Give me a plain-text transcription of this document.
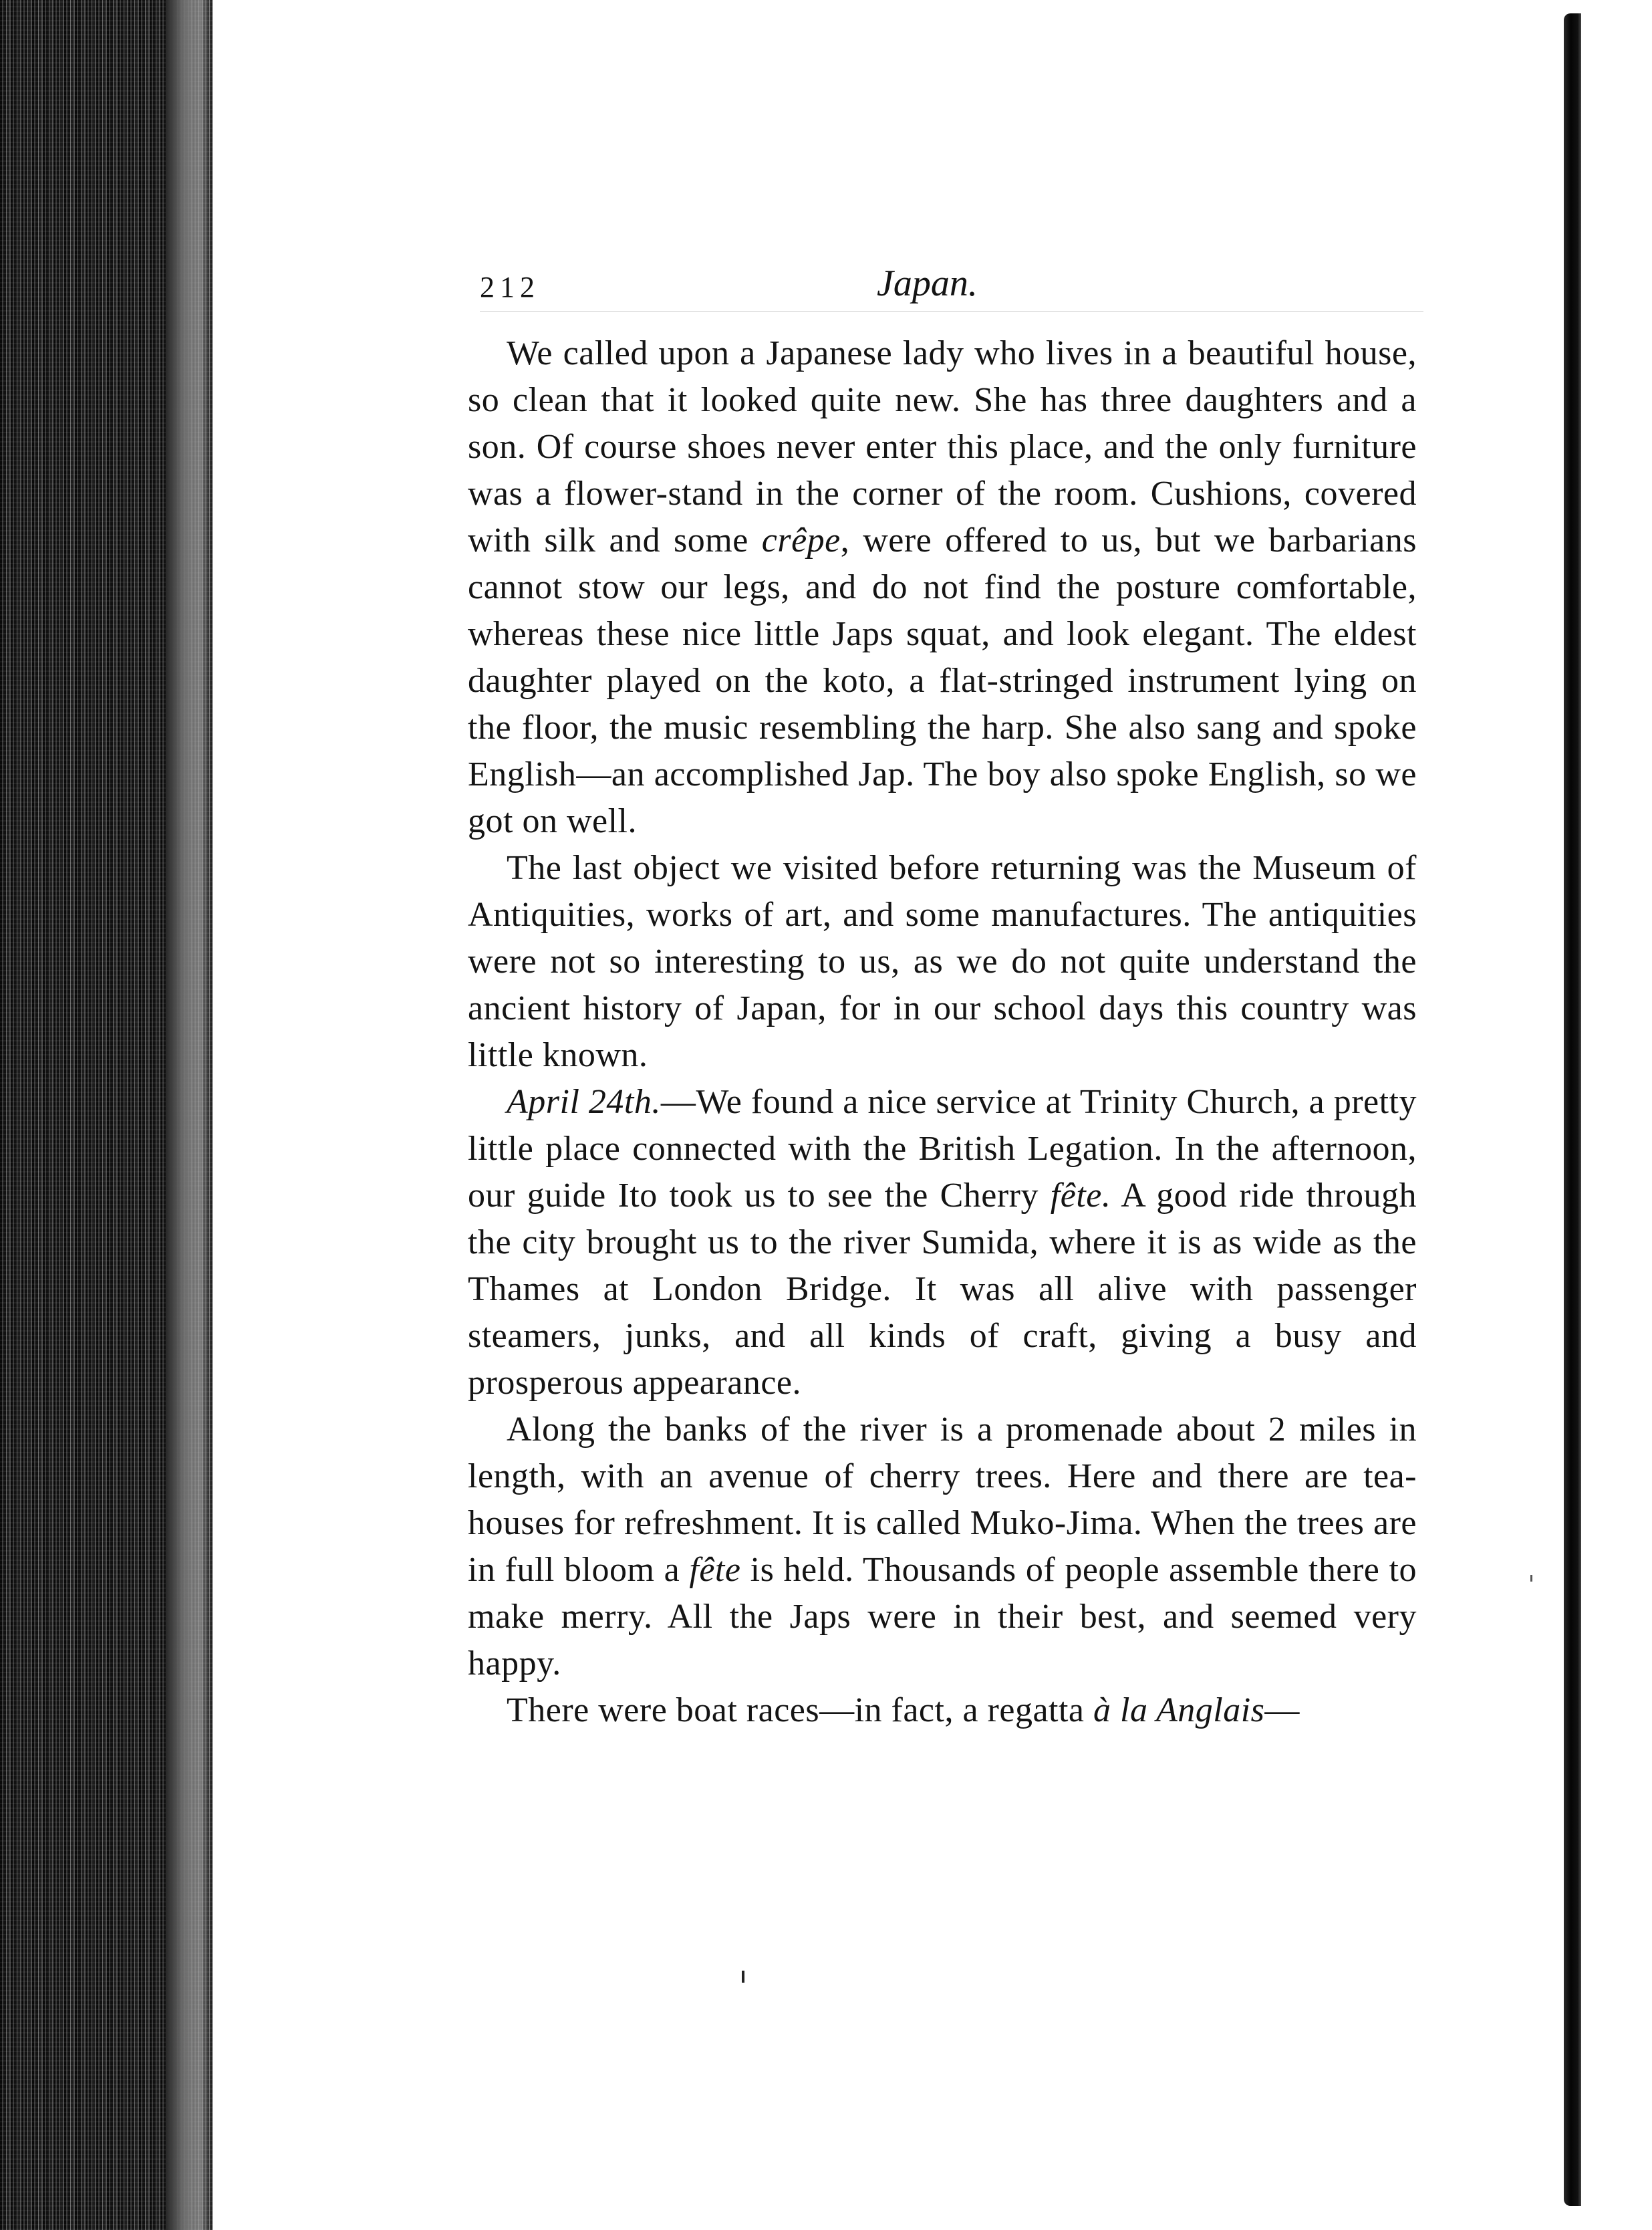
212	Japan.

We called upon a Japanese lady who lives in a beautiful house, so clean that it looked quite new. She has three daughters and a son. Of course shoes never enter this place, and the only furniture was a flower-stand in the corner of the room. Cushions, covered with silk and some crêpe, were offered to us, but we barbarians cannot stow our legs, and do not find the posture comfortable, whereas these nice little Japs squat, and look elegant. The eldest daughter played on the koto, a flat-stringed instrument lying on the floor, the music resembling the harp. She also sang and spoke English—an accomplished Jap. The boy also spoke English, so we got on well.

The last object we visited before returning was the Museum of Antiquities, works of art, and some manufactures. The antiquities were not so interesting to us, as we do not quite understand the ancient history of Japan, for in our school days this country was little known.

April 24th.—We found a nice service at Trinity Church, a pretty little place connected with the British Legation. In the afternoon, our guide Ito took us to see the Cherry fête. A good ride through the city brought us to the river Sumida, where it is as wide as the Thames at London Bridge. It was all alive with passenger steamers, junks, and all kinds of craft, giving a busy and prosperous appearance.

Along the banks of the river is a promenade about 2 miles in length, with an avenue of cherry trees. Here and there are tea-houses for refreshment. It is called Muko-Jima. When the trees are in full bloom a fête is held. Thousands of people assemble there to make merry. All the Japs were in their best, and seemed very happy.

There were boat races—in fact, a regatta à la Anglais—
